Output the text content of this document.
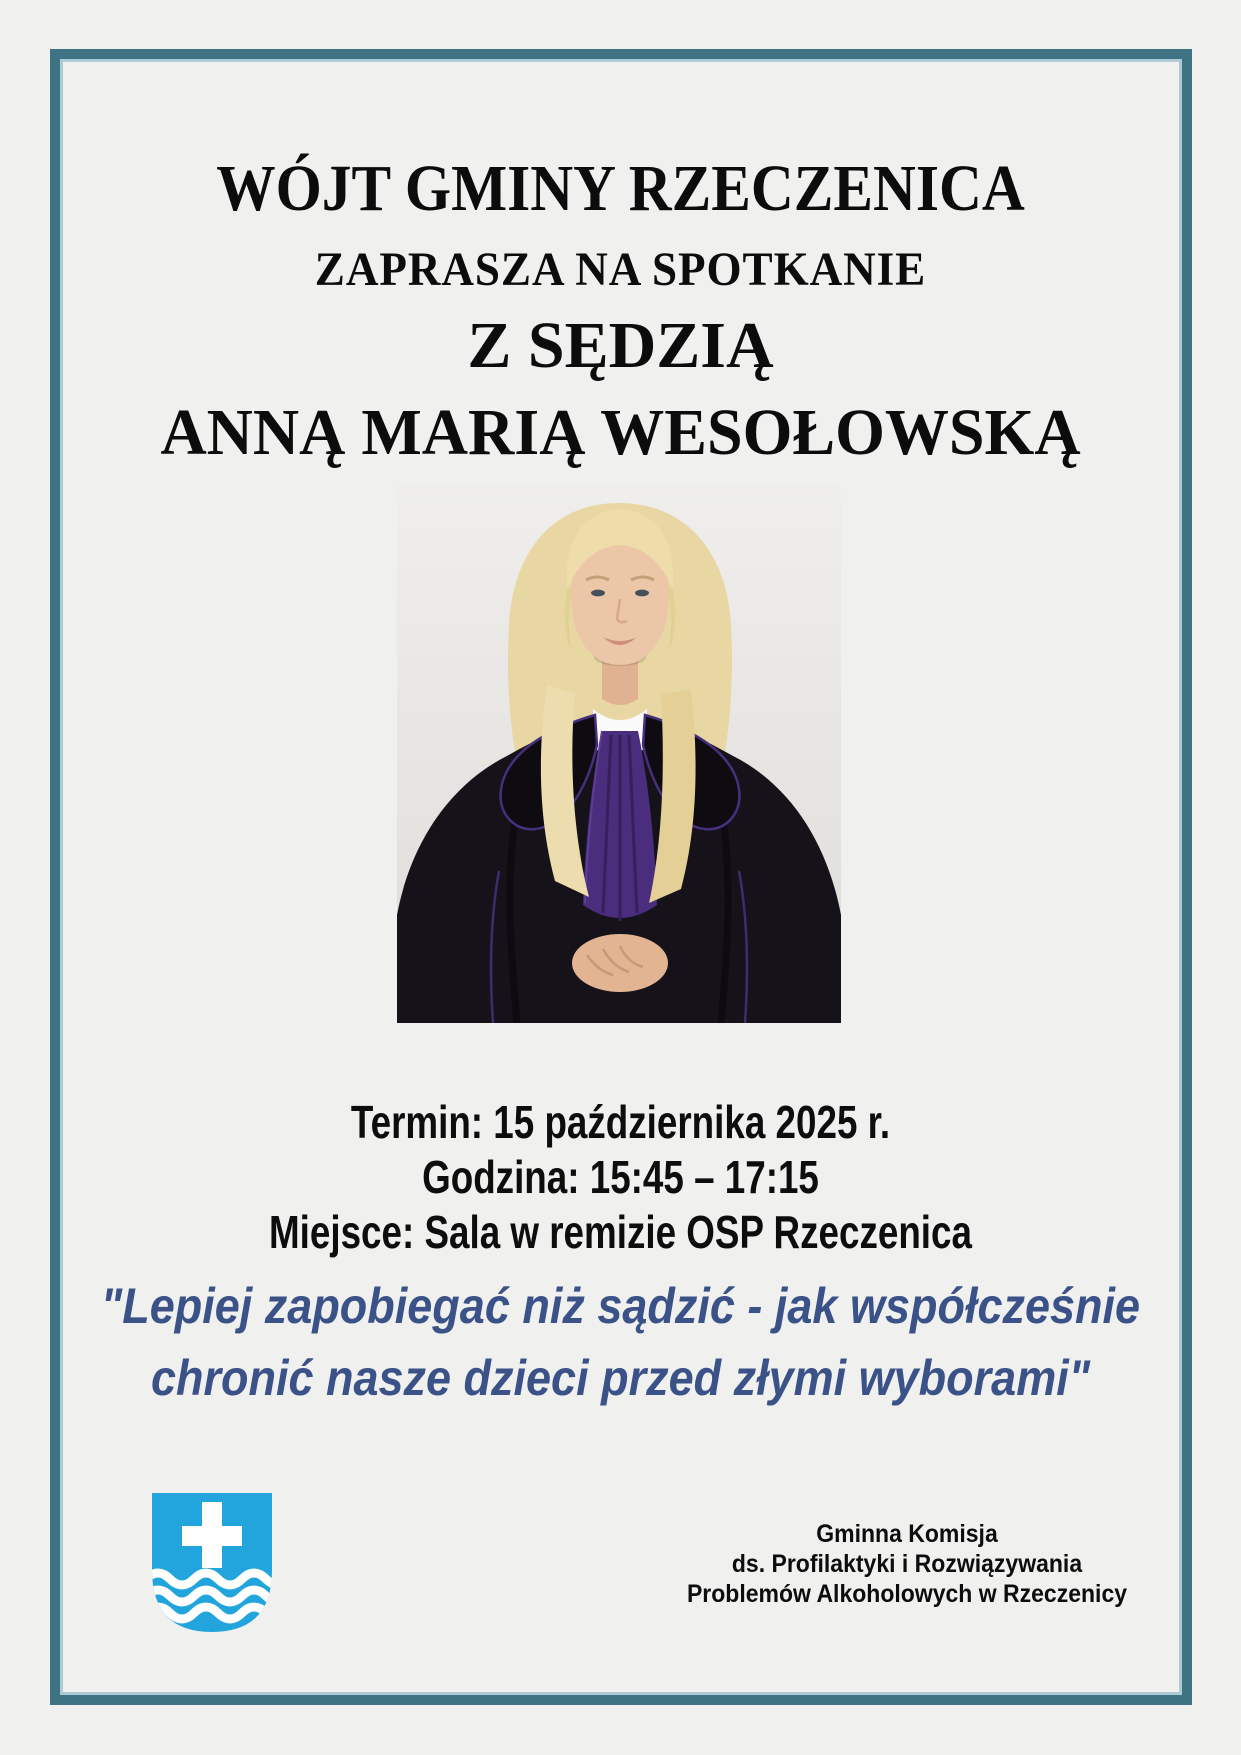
WÓJT GMINY RZECZENICA
ZAPRASZA NA SPOTKANIE
Z SĘDZIĄ
ANNĄ MARIĄ WESOŁOWSKĄ
Termin: 15 października 2025 r.
Godzina: 15:45 – 17:15
Miejsce: Sala w remizie OSP Rzeczenica
"Lepiej zapobiegać niż sądzić - jak współcześnie
chronić nasze dzieci przed złymi wyborami"
Gminna Komisja
ds. Profilaktyki i Rozwiązywania
Problemów Alkoholowych w Rzeczenicy
